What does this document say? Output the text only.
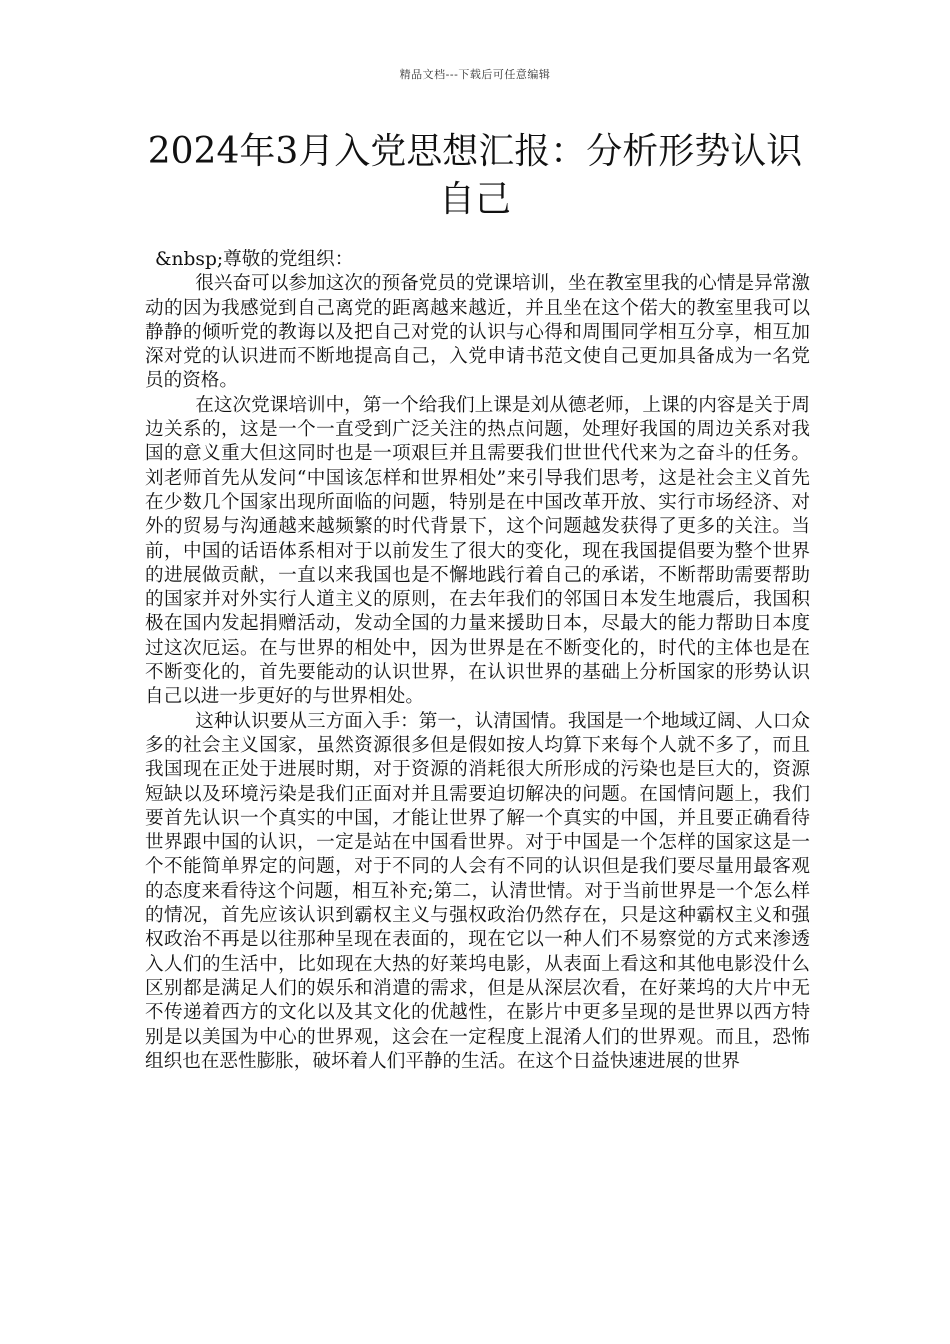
精品文档---下载后可任意编辑
2024年3月入党思想汇报：分析形势认识自己

&nbsp;尊敬的党组织：

很兴奋可以参加这次的预备党员的党课培训，坐在教室里我的心情是异常激动的因为我感觉到自己离党的距离越来越近，并且坐在这个偌大的教室里我可以静静的倾听党的教诲以及把自己对党的认识与心得和周围同学相互分享，相互加深对党的认识进而不断地提高自己，入党申请书范文使自己更加具备成为一名党员的资格。

在这次党课培训中，第一个给我们上课是刘从德老师，上课的内容是关于周边关系的，这是一个一直受到广泛关注的热点问题，处理好我国的周边关系对我国的意义重大但这同时也是一项艰巨并且需要我们世世代代来为之奋斗的任务。刘老师首先从发问“中国该怎样和世界相处”来引导我们思考，这是社会主义首先在少数几个国家出现所面临的问题，特别是在中国改革开放、实行市场经济、对外的贸易与沟通越来越频繁的时代背景下，这个问题越发获得了更多的关注。当前，中国的话语体系相对于以前发生了很大的变化，现在我国提倡要为整个世界的进展做贡献，一直以来我国也是不懈地践行着自己的承诺，不断帮助需要帮助的国家并对外实行人道主义的原则，在去年我们的邻国日本发生地震后，我国积极在国内发起捐赠活动，发动全国的力量来援助日本，尽最大的能力帮助日本度过这次厄运。在与世界的相处中，因为世界是在不断变化的，时代的主体也是在不断变化的，首先要能动的认识世界，在认识世界的基础上分析国家的形势认识自己以进一步更好的与世界相处。

这种认识要从三方面入手：第一，认清国情。我国是一个地域辽阔、人口众多的社会主义国家，虽然资源很多但是假如按人均算下来每个人就不多了，而且我国现在正处于进展时期，对于资源的消耗很大所形成的污染也是巨大的，资源短缺以及环境污染是我们正面对并且需要迫切解决的问题。在国情问题上，我们要首先认识一个真实的中国，才能让世界了解一个真实的中国，并且要正确看待世界跟中国的认识，一定是站在中国看世界。对于中国是一个怎样的国家这是一个不能简单界定的问题，对于不同的人会有不同的认识但是我们要尽量用最客观的态度来看待这个问题，相互补充;第二，认清世情。对于当前世界是一个怎么样的情况，首先应该认识到霸权主义与强权政治仍然存在，只是这种霸权主义和强权政治不再是以往那种呈现在表面的，现在它以一种人们不易察觉的方式来渗透入人们的生活中，比如现在大热的好莱坞电影，从表面上看这和其他电影没什么区别都是满足人们的娱乐和消遣的需求，但是从深层次看，在好莱坞的大片中无不传递着西方的文化以及其文化的优越性，在影片中更多呈现的是世界以西方特别是以美国为中心的世界观，这会在一定程度上混淆人们的世界观。而且，恐怖组织也在恶性膨胀，破坏着人们平静的生活。在这个日益快速进展的世界
